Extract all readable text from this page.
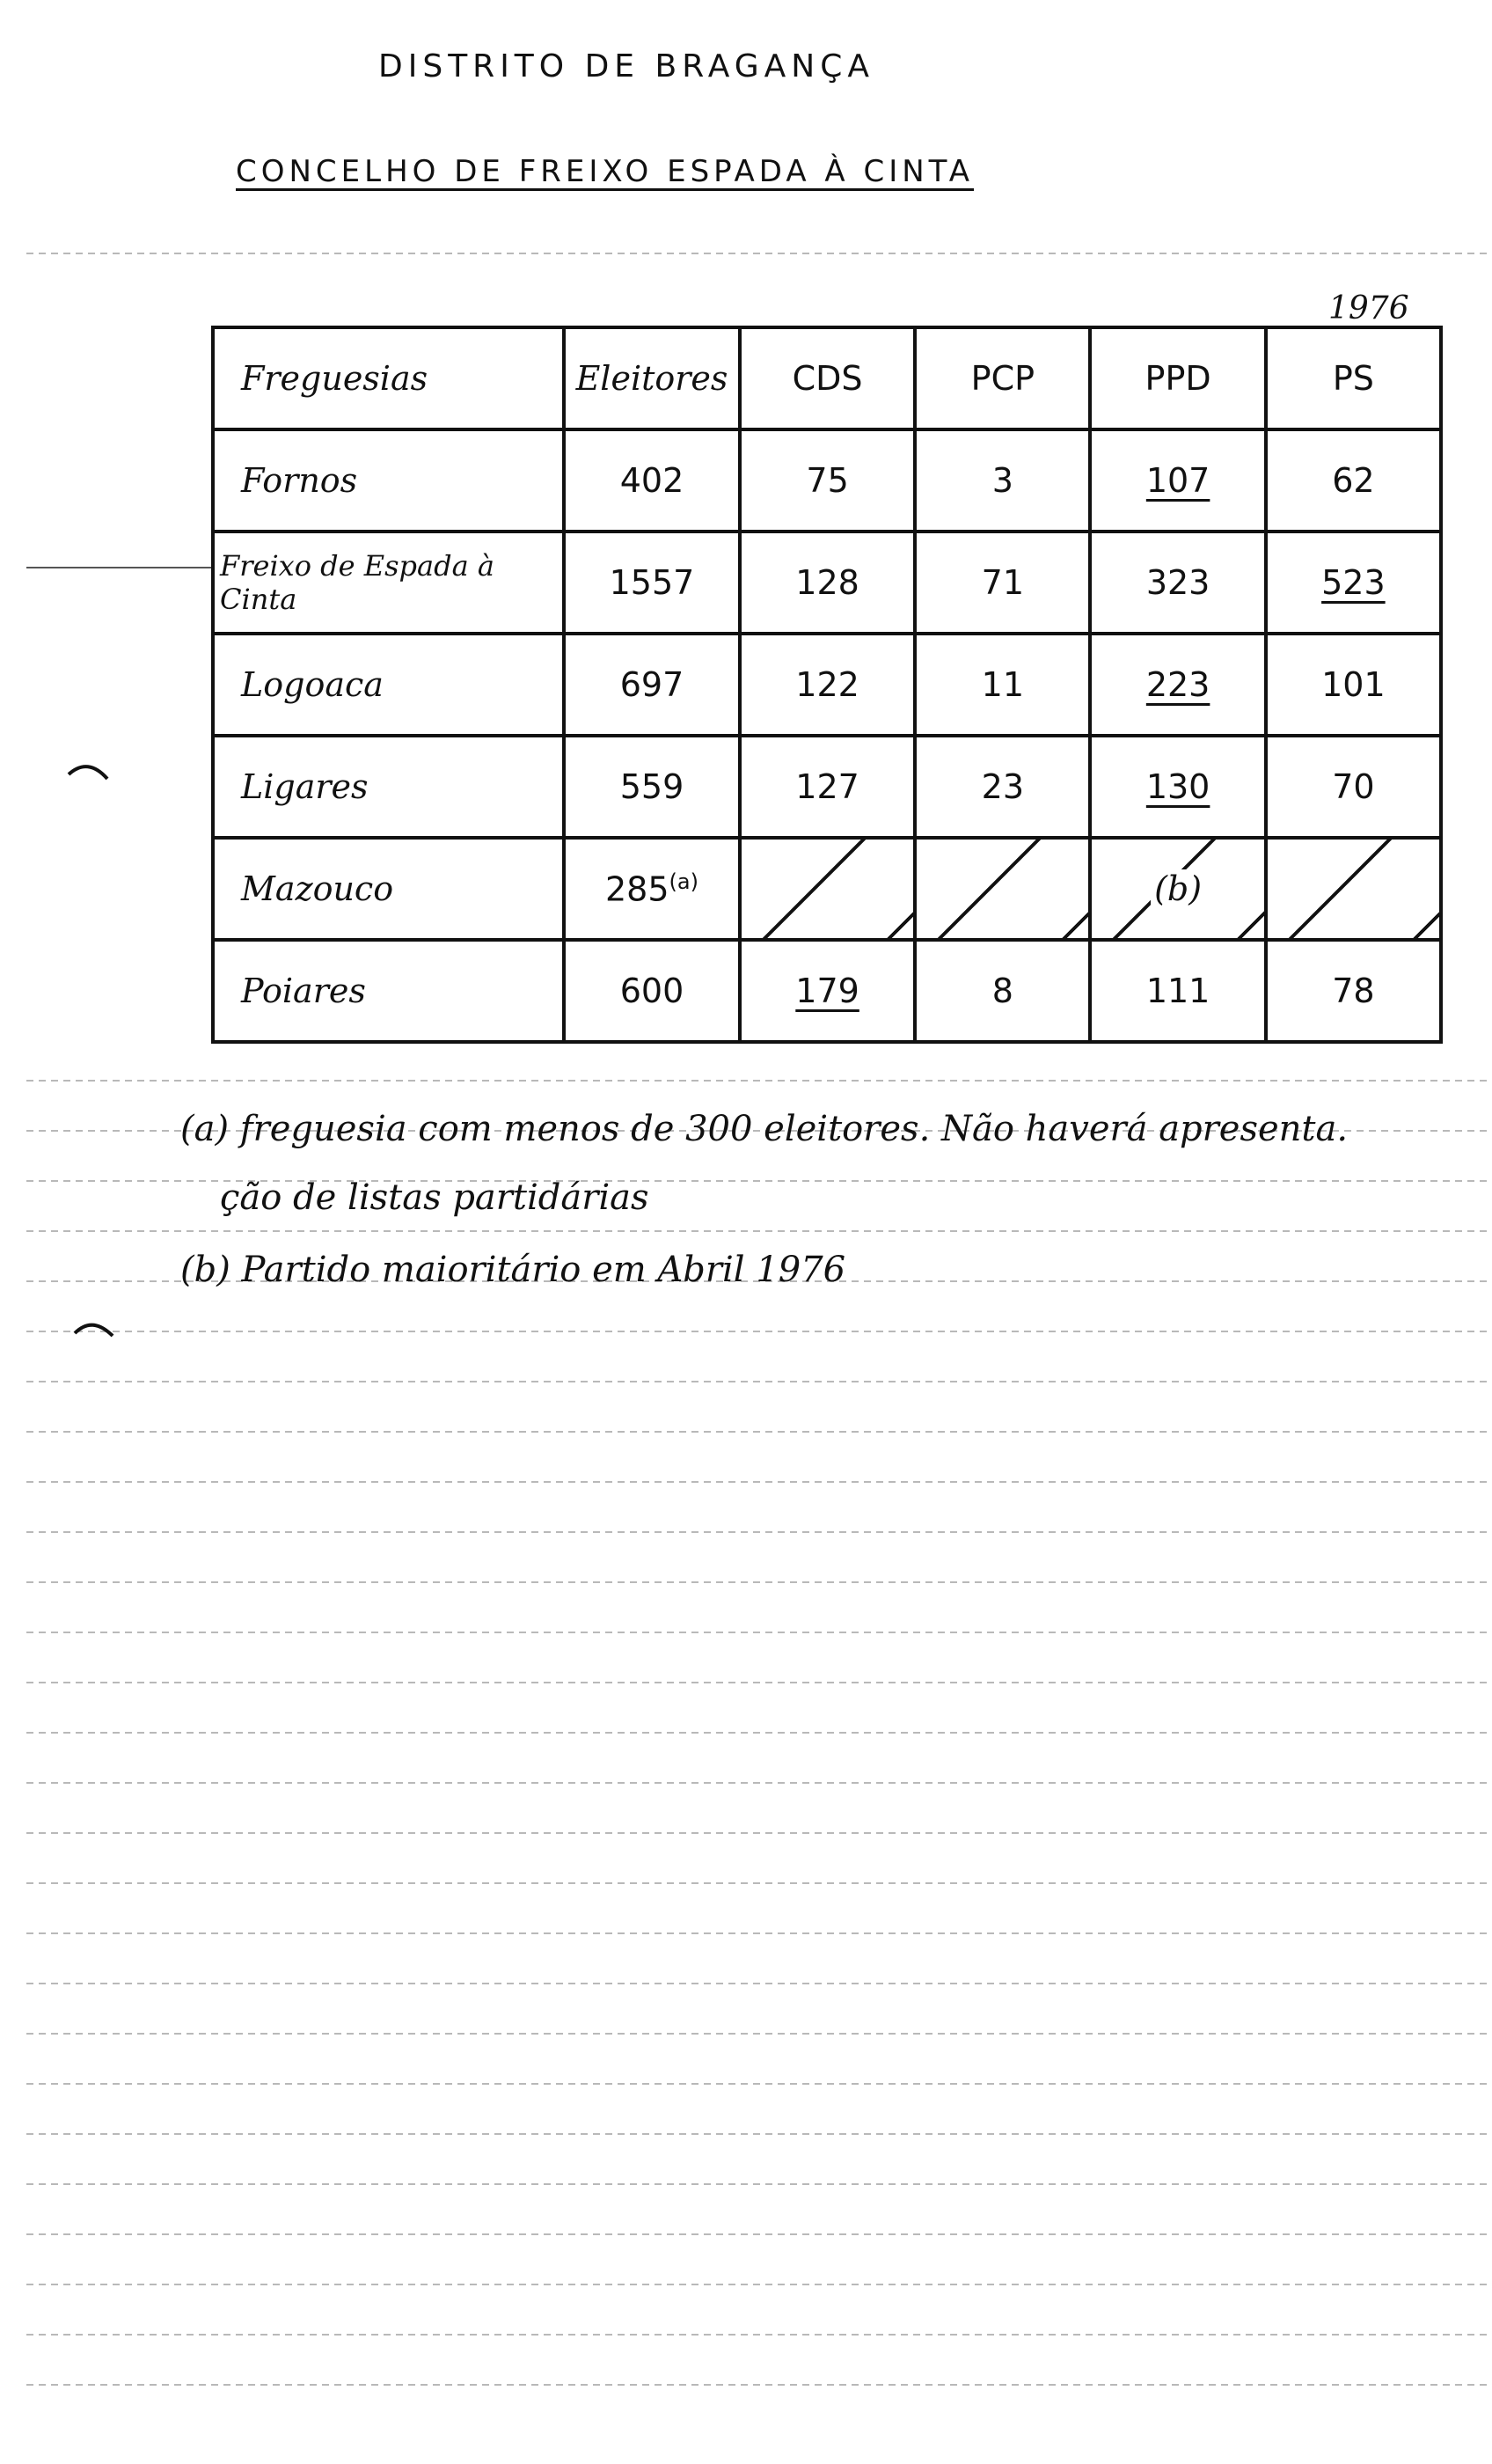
DISTRITO DE BRAGANÇA
CONCELHO DE FREIXO ESPADA À CINTA
1976
Freguesias	Eleitores	CDS	PCP	PPD	PS
Fornos	402	75	3	107	62
Freixo de Espada à Cinta	1557	128	71	323	523
Logoaca	697	122	11	223	101
Ligares	559	127	23	130	70
Mazouco	285$^{(a)}$			(b)	
Poiares	600	179	8	111	78
(a) freguesia com menos de 300 eleitores. Não haverá apresenta.
ção de listas partidárias
(b) Partido maioritário em Abril 1976
